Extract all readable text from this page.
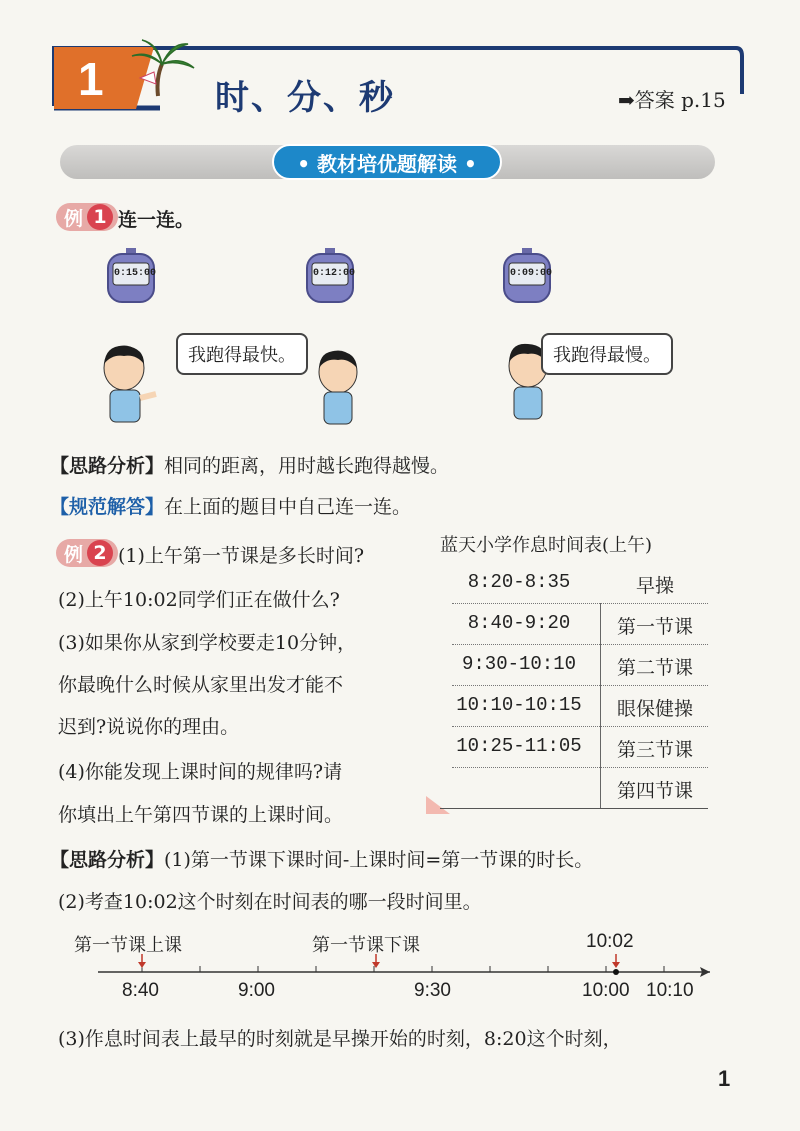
1	时、分、秒	➡答案 p.15
• 教材培优题解读 •
例 1 连一连。
0:15:00	0:12:00	0:09:00
我跑得最快。	我跑得最慢。
【思路分析】相同的距离，用时越长跑得越慢。
【规范解答】在上面的题目中自己连一连。
例 2 (1)上午第一节课是多长时间?
(2)上午10:02同学们正在做什么?
(3)如果你从家到学校要走10分钟，
你最晚什么时候从家里出发才能不
迟到?说说你的理由。
(4)你能发现上课时间的规律吗?请
你填出上午第四节课的上课时间。
蓝天小学作息时间表(上午)
8:20-8:35	早操
8:40-9:20	第一节课
9:30-10:10	第二节课
10:10-10:15	眼保健操
10:25-11:05	第三节课
第四节课
【思路分析】(1)第一节课下课时间-上课时间=第一节课的时长。
(2)考查10:02这个时刻在时间表的哪一段时间里。
第一节课上课	第一节课下课	10:02
8:40	9:00	9:30	10:00 10:10
(3)作息时间表上最早的时刻就是早操开始的时刻，8:20这个时刻，
1
